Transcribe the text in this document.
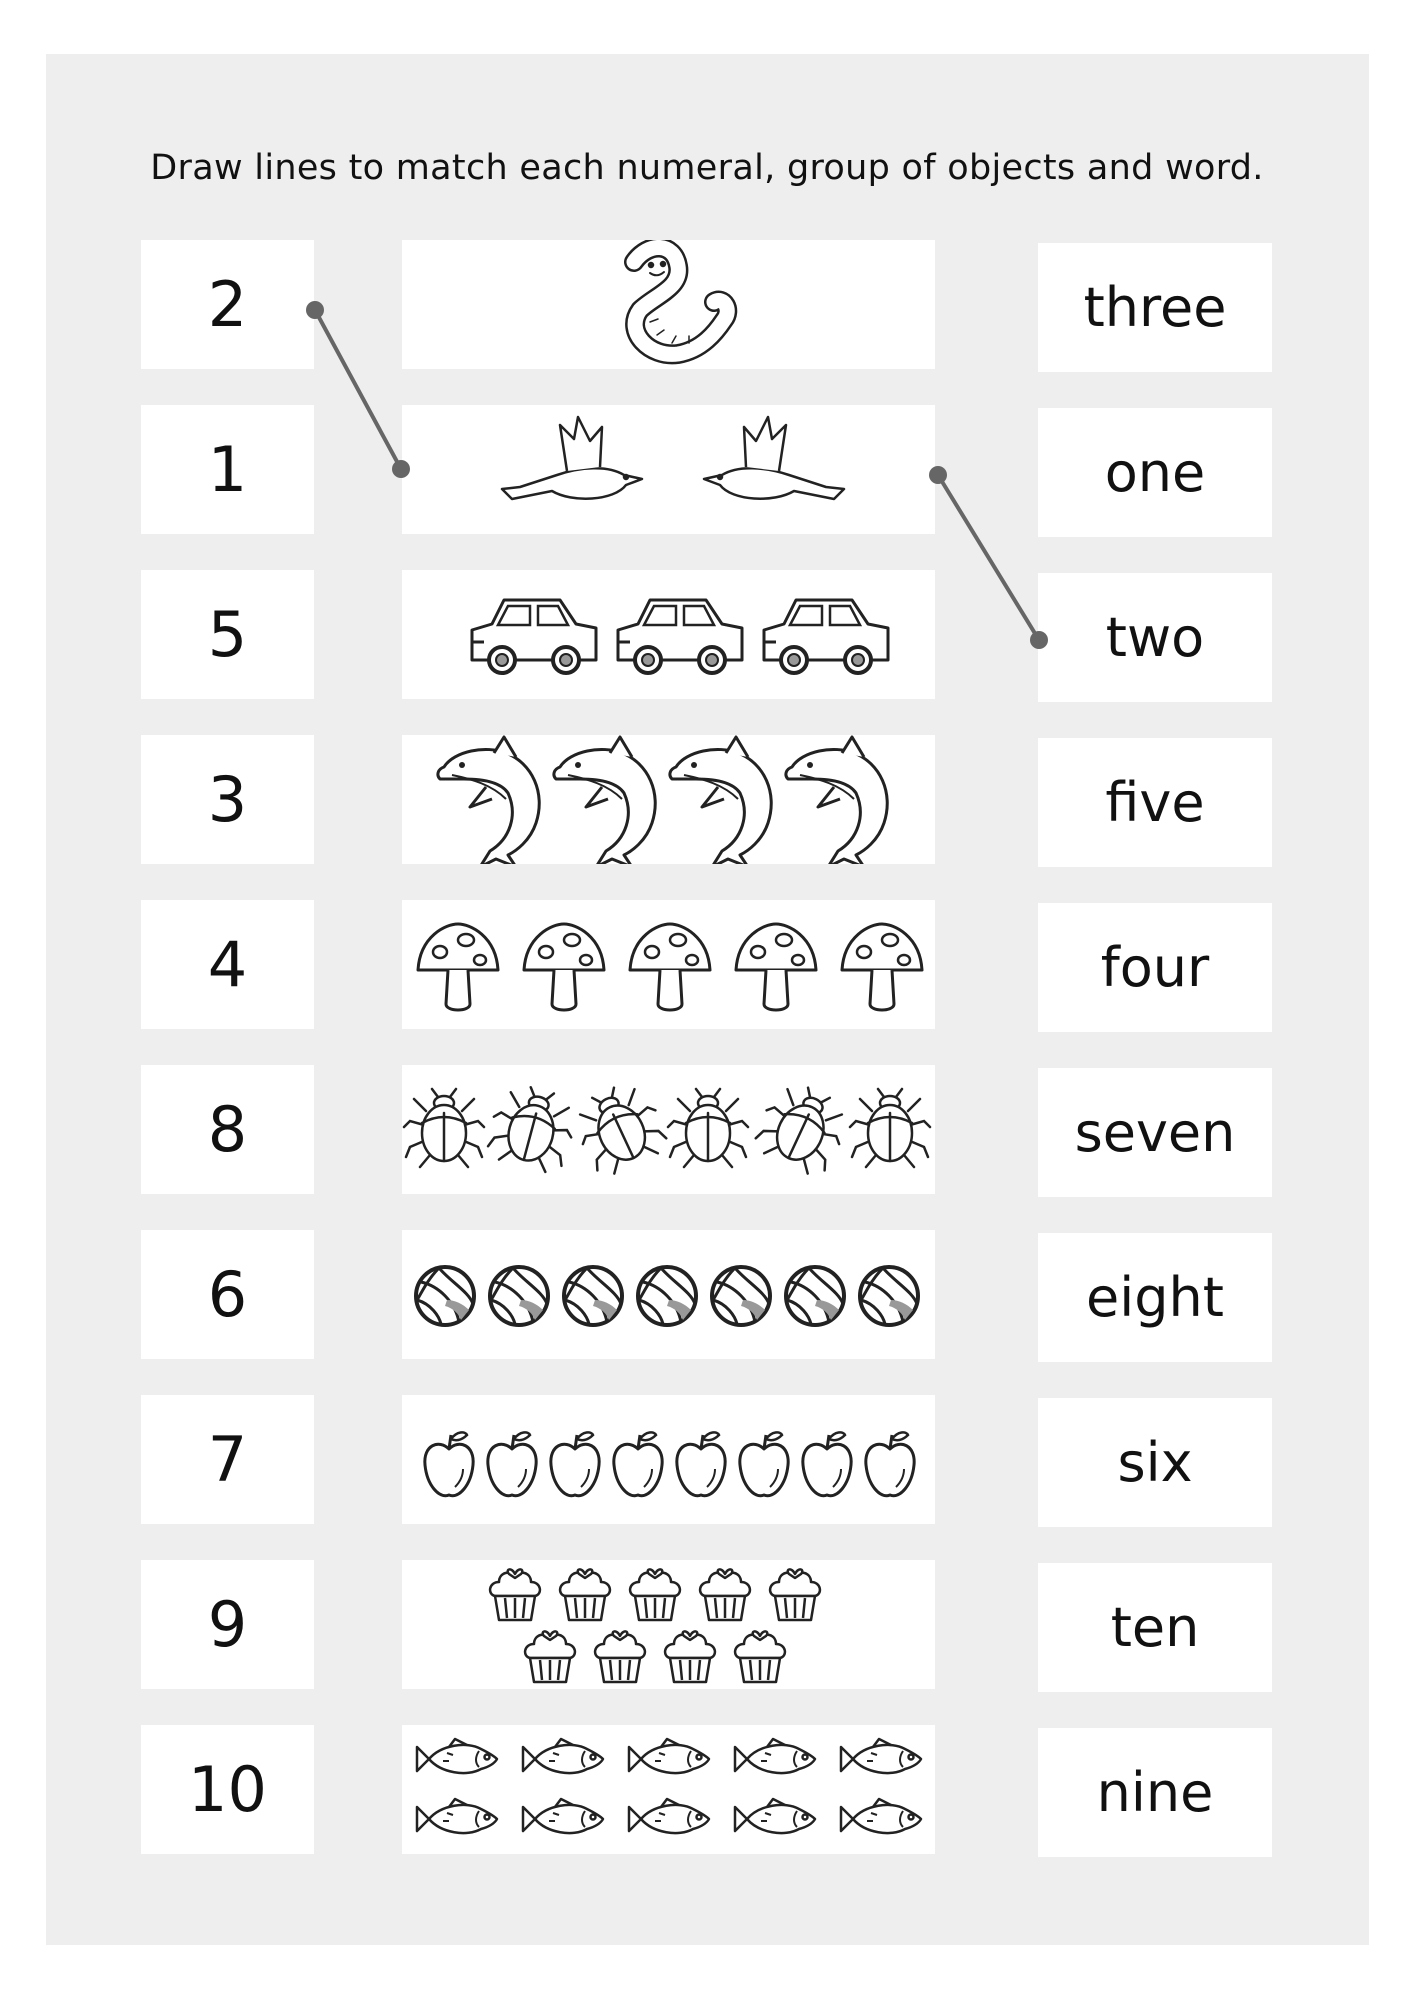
Draw lines to match each numeral, group of objects and word.
2
1
5
3
4
8
6
7
9
10
three
one
two
five
four
seven
eight
six
ten
nine
